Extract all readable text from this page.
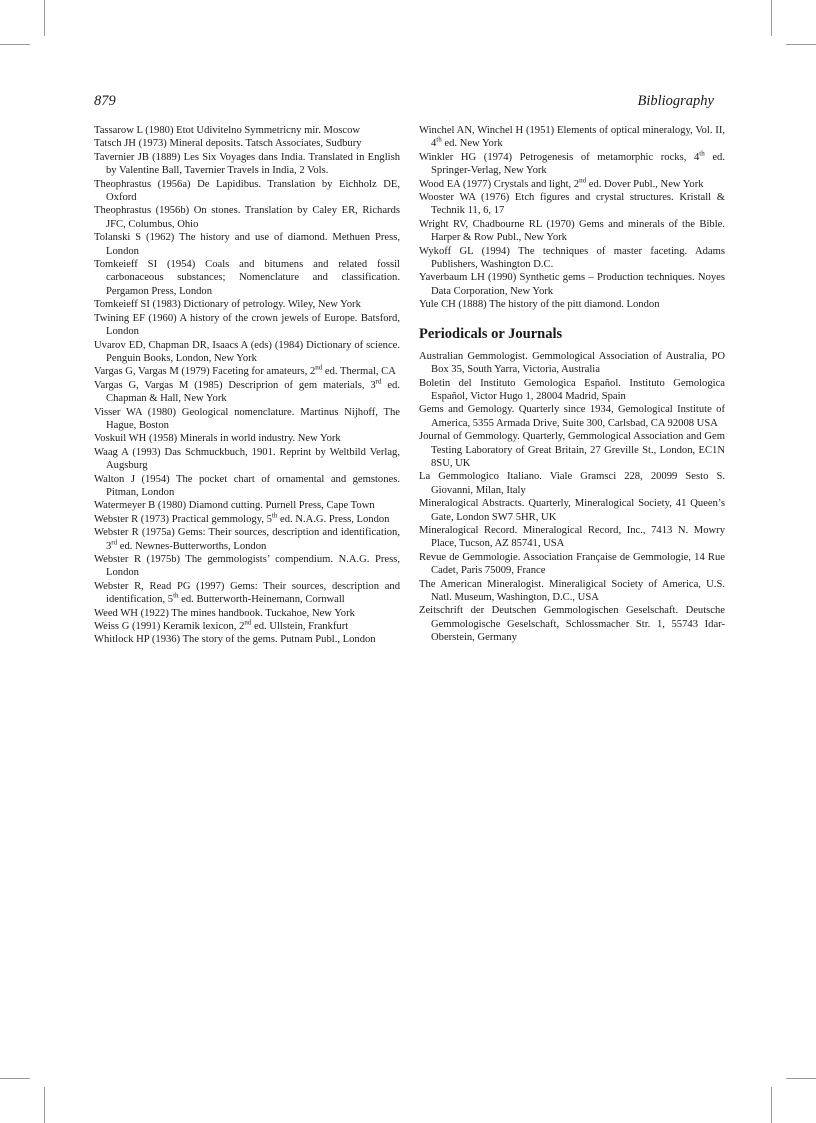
879	Bibliography
Tassarow L (1980) Etot Udivitelno Symmetricny mir. Moscow
Tatsch JH (1973) Mineral deposits. Tatsch Associates, Sudbury
Tavernier JB (1889) Les Six Voyages dans India. Translated in English by Valentine Ball, Tavernier Travels in India, 2 Vols.
Theophrastus (1956a) De Lapidibus. Translation by Eichholz DE, Oxford
Theophrastus (1956b) On stones. Translation by Caley ER, Richards JFC, Columbus, Ohio
Tolanski S (1962) The history and use of diamond. Methuen Press, London
Tomkeieff SI (1954) Coals and bitumens and related fossil carbonaceous substances; Nomenclature and classification. Pergamon Press, London
Tomkeieff SI (1983) Dictionary of petrology. Wiley, New York
Twining EF (1960) A history of the crown jewels of Europe. Batsford, London
Uvarov ED, Chapman DR, Isaacs A (eds) (1984) Dictionary of science. Penguin Books, London, New York
Vargas G, Vargas M (1979) Faceting for amateurs, 2nd ed. Thermal, CA
Vargas G, Vargas M (1985) Descriprion of gem materials, 3rd ed. Chapman & Hall, New York
Visser WA (1980) Geological nomenclature. Martinus Nijhoff, The Hague, Boston
Voskuil WH (1958) Minerals in world industry. New York
Waag A (1993) Das Schmuckbuch, 1901. Reprint by Weltbild Verlag, Augsburg
Walton J (1954) The pocket chart of ornamental and gemstones. Pitman, London
Watermeyer B (1980) Diamond cutting. Purnell Press, Cape Town
Webster R (1973) Practical gemmology, 5th ed. N.A.G. Press, London
Webster R (1975a) Gems: Their sources, description and identification, 3rd ed. Newnes-Butterworths, London
Webster R (1975b) The gemmologists’ compendium. N.A.G. Press, London
Webster R, Read PG (1997) Gems: Their sources, description and identification, 5th ed. Butterworth-Heinemann, Cornwall
Weed WH (1922) The mines handbook. Tuckahoe, New York
Weiss G (1991) Keramik lexicon, 2nd ed. Ullstein, Frankfurt
Whitlock HP (1936) The story of the gems. Putnam Publ., London
Winchel AN, Winchel H (1951) Elements of optical mineralogy, Vol. II, 4th ed. New York
Winkler HG (1974) Petrogenesis of metamorphic rocks, 4th ed. Springer-Verlag, New York
Wood EA (1977) Crystals and light, 2nd ed. Dover Publ., New York
Wooster WA (1976) Etch figures and crystal structures. Kristall & Technik 11, 6, 17
Wright RV, Chadbourne RL (1970) Gems and minerals of the Bible. Harper & Row Publ., New York
Wykoff GL (1994) The techniques of master faceting. Adams Publishers, Washington D.C.
Yaverbaum LH (1990) Synthetic gems – Production techniques. Noyes Data Corporation, New York
Yule CH (1888) The history of the pitt diamond. London
Periodicals or Journals
Australian Gemmologist. Gemmological Association of Australia, PO Box 35, South Yarra, Victoria, Australia
Boletin del Instituto Gemologica Español. Instituto Gemologica Español, Victor Hugo 1, 28004 Madrid, Spain
Gems and Gemology. Quarterly since 1934, Gemological Institute of America, 5355 Armada Drive, Suite 300, Carlsbad, CA 92008 USA
Journal of Gemmology. Quarterly, Gemmological Association and Gem Testing Laboratory of Great Britain, 27 Greville St., London, EC1N 8SU, UK
La Gemmologico Italiano. Viale Gramsci 228, 20099 Sesto S. Giovanni, Milan, Italy
Mineralogical Abstracts. Quarterly, Mineralogical Society, 41 Queen’s Gate, London SW7 5HR, UK
Mineralogical Record. Mineralogical Record, Inc., 7413 N. Mowry Place, Tucson, AZ 85741, USA
Revue de Gemmologie. Association Française de Gemmologie, 14 Rue Cadet, Paris 75009, France
The American Mineralogist. Mineraligical Society of America, U.S. Natl. Museum, Washington, D.C., USA
Zeitschrift der Deutschen Gemmologischen Geselschaft. Deutsche Gemmologische Geselschaft, Schlossmacher Str. 1, 55743 Idar-Oberstein, Germany
